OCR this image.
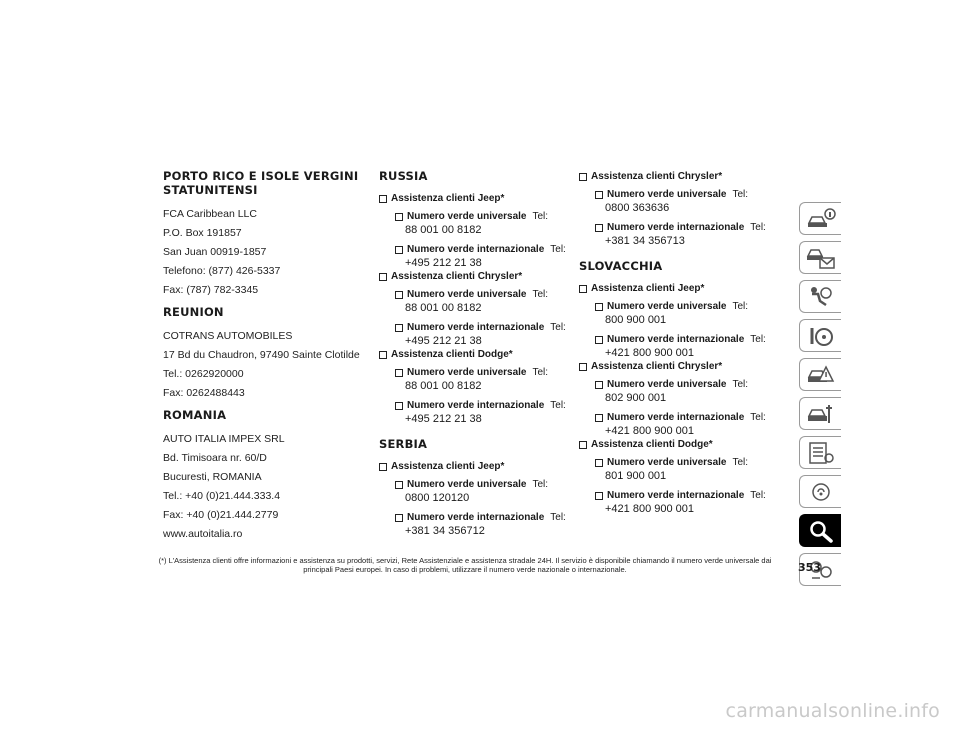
PORTO RICO E ISOLE VERGINI
STATUNITENSI
FCA Caribbean LLC
P.O. Box 191857
San Juan 00919-1857
Telefono: (877) 426-5337
Fax: (787) 782-3345
REUNION
COTRANS AUTOMOBILES
17 Bd du Chaudron, 97490 Sainte Clotilde
Tel.: 0262920000
Fax: 0262488443
ROMANIA
AUTO ITALIA IMPEX SRL
Bd. Timisoara nr. 60/D
Bucuresti, ROMANIA
Tel.: +40 (0)21.444.333.4
Fax: +40 (0)21.444.2779
www.autoitalia.ro
RUSSIA
Assistenza clienti Jeep*
Numero verde universale Tel:
88 001 00 8182
Numero verde internazionale Tel:
+495 212 21 38
Assistenza clienti Chrysler*
Numero verde universale Tel:
88 001 00 8182
Numero verde internazionale Tel:
+495 212 21 38
Assistenza clienti Dodge*
Numero verde universale Tel:
88 001 00 8182
Numero verde internazionale Tel:
+495 212 21 38
SERBIA
Assistenza clienti Jeep*
Numero verde universale Tel:
0800 120120
Numero verde internazionale Tel:
+381 34 356712
Assistenza clienti Chrysler*
Numero verde universale Tel:
0800 363636
Numero verde internazionale Tel:
+381 34 356713
SLOVACCHIA
Assistenza clienti Jeep*
Numero verde universale Tel:
800 900 001
Numero verde internazionale Tel:
+421 800 900 001
Assistenza clienti Chrysler*
Numero verde universale Tel:
802 900 001
Numero verde internazionale Tel:
+421 800 900 001
Assistenza clienti Dodge*
Numero verde universale Tel:
801 900 001
Numero verde internazionale Tel:
+421 800 900 001
(*) L'Assistenza clienti offre informazioni e assistenza su prodotti, servizi, Rete Assistenziale e assistenza stradale 24H. Il servizio è disponibile chiamando il numero verde universale dai principali Paesi europei. In caso di problemi, utilizzare il numero verde nazionale o internazionale.	353
carmanualsonline.info
